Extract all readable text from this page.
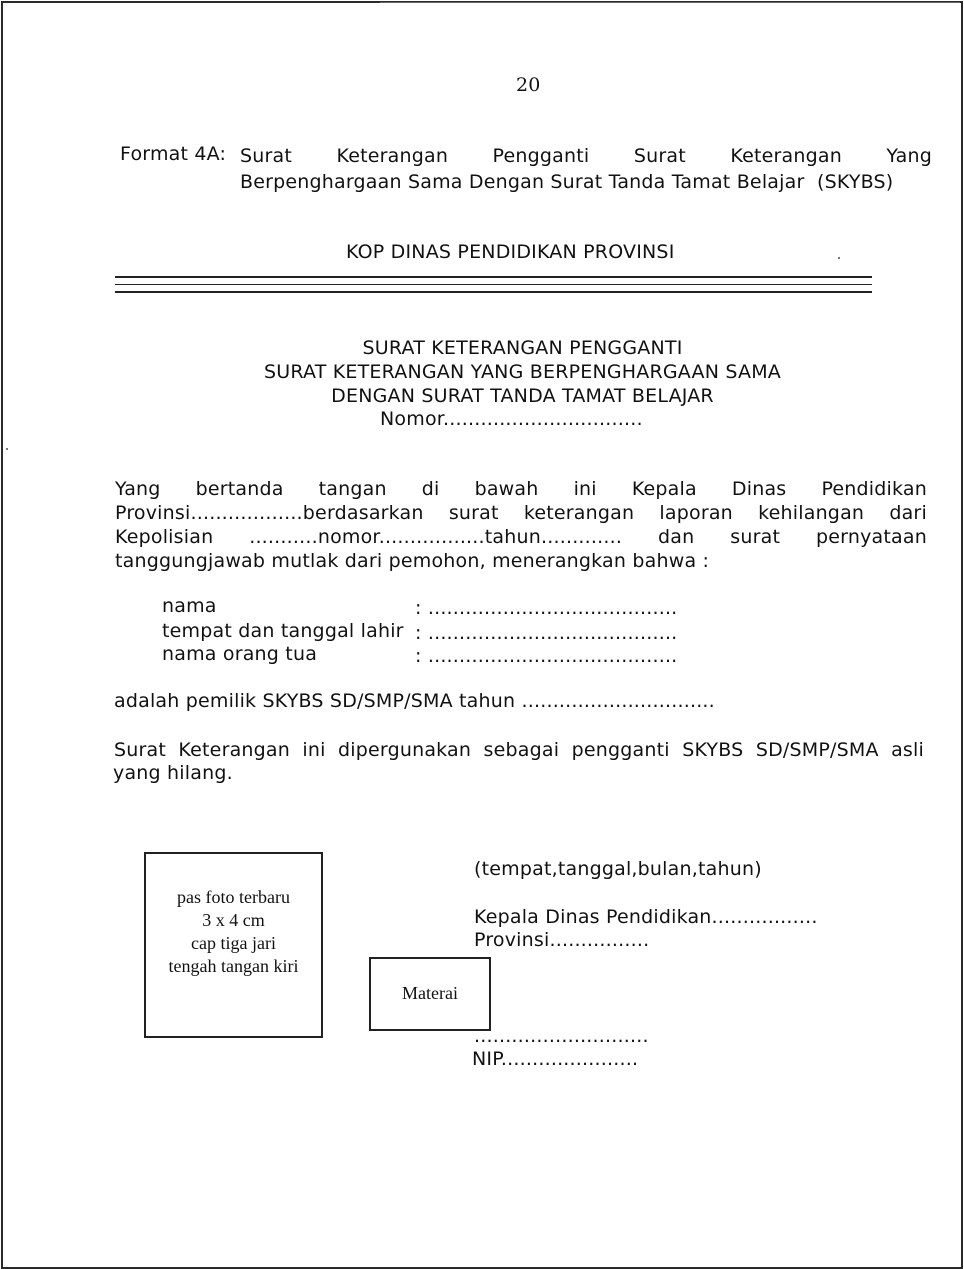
20
Format 4A: Surat Keterangan Pengganti Surat Keterangan Yang
Berpenghargaan Sama Dengan Surat Tanda Tamat Belajar  (SKYBS)
KOP DINAS PENDIDIKAN PROVINSI
SURAT KETERANGAN PENGGANTI
SURAT KETERANGAN YANG BERPENGHARGAAN SAMA
DENGAN SURAT TANDA TAMAT BELAJAR
Nomor................................
Yang bertanda tangan di bawah ini Kepala Dinas Pendidikan
Provinsi..................berdasarkan surat keterangan laporan kehilangan dari
Kepolisian ...........nomor.................tahun............. dan surat pernyataan
tanggungjawab mutlak dari pemohon, menerangkan bahwa :
nama	: ........................................
tempat dan tanggal lahir : ........................................
nama orang tua	: ........................................
adalah pemilik SKYBS SD/SMP/SMA tahun ...............................
Surat Keterangan ini dipergunakan sebagai pengganti SKYBS SD/SMP/SMA asli
yang hilang.
pas foto terbaru
3 x 4 cm
cap tiga jari
tengah tangan kiri
Materai
(tempat,tanggal,bulan,tahun)
Kepala Dinas Pendidikan.................
Provinsi................
............................
NIP......................
